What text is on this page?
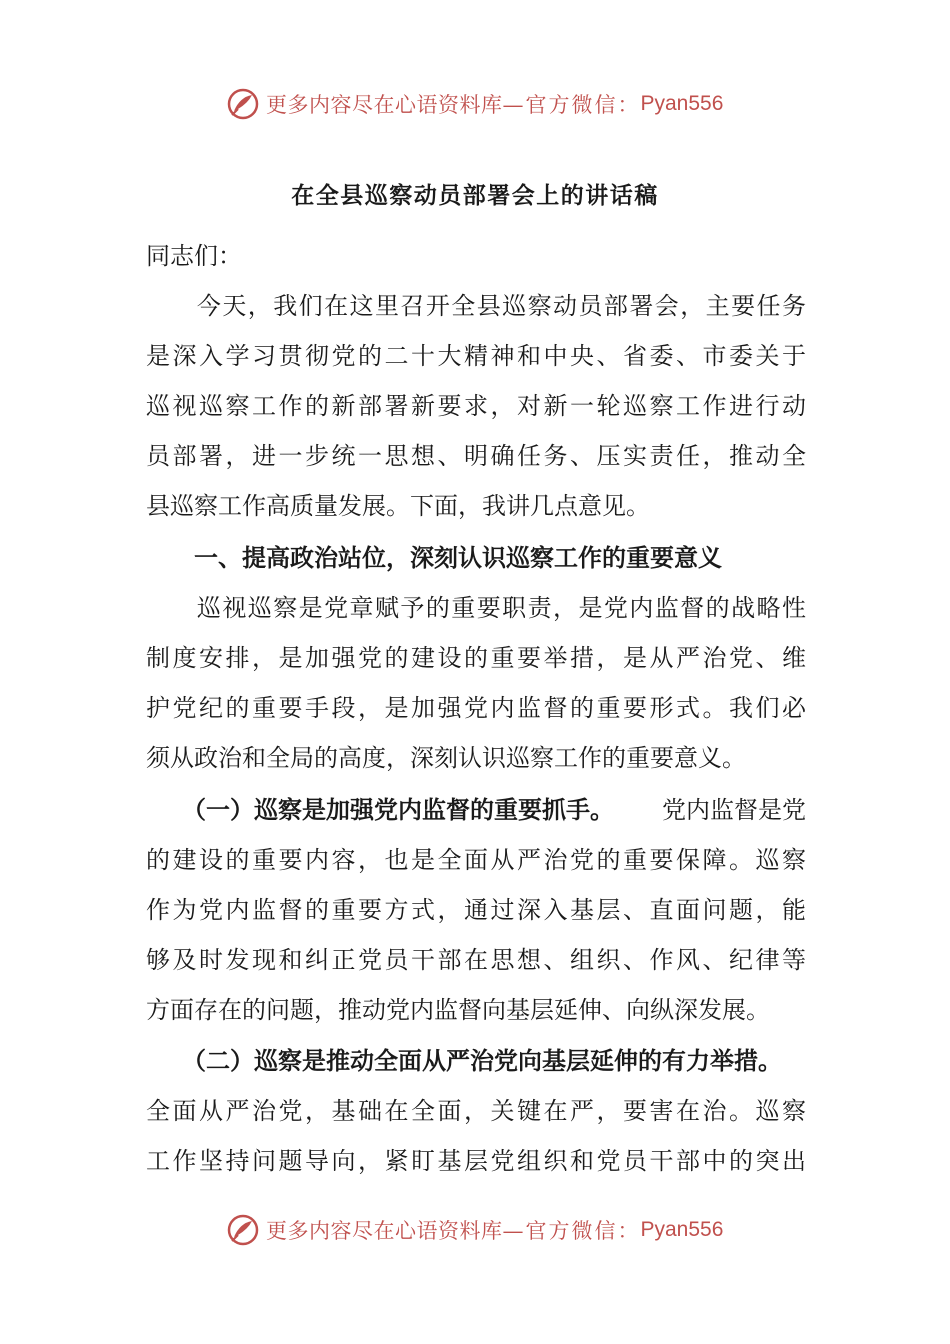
更多内容尽在心语资料库 —官方微信： Pyan556
在全县巡察动员部署会上的讲话稿
同志们：
　　今天，我们在这里召开全县巡察动员部署会，主要任务
是深入学习贯彻党的二十大精神和中央、省委、市委关于
巡视巡察工作的新部署新要求，对新一轮巡察工作进行动
员部署，进一步统一思想、明确任务、压实责任，推动全
县巡察工作高质量发展。下面，我讲几点意见。
　　一、提高政治站位，深刻认识巡察工作的重要意义
　　巡视巡察是党章赋予的重要职责，是党内监督的战略性
制度安排，是加强党的建设的重要举措，是从严治党、维
护党纪的重要手段，是加强党内监督的重要形式。我们必
须从政治和全局的高度，深刻认识巡察工作的重要意义。
　　（一）巡察是加强党内监督的重要抓手。 党内监督是党
的建设的重要内容，也是全面从严治党的重要保障。巡察
作为党内监督的重要方式，通过深入基层、直面问题，能
够及时发现和纠正党员干部在思想、组织、作风、纪律等
方面存在的问题，推动党内监督向基层延伸、向纵深发展。
　　（二）巡察是推动全面从严治党向基层延伸的有力举措。
全面从严治党，基础在全面，关键在严，要害在治。巡察
工作坚持问题导向，紧盯基层党组织和党员干部中的突出
更多内容尽在心语资料库 —官方微信： Pyan556
